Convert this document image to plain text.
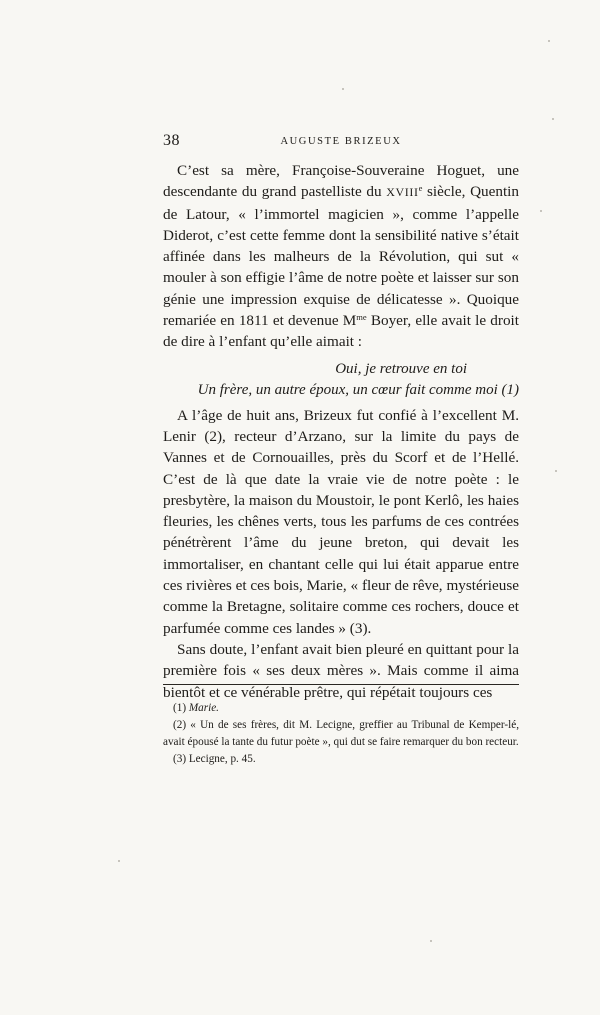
38	AUGUSTE BRIZEUX

C’est sa mère, Françoise-Souveraine Hoguet, une descendante du grand pastelliste du XVIIIe siècle, Quentin de Latour, « l’immortel magicien », comme l’appelle Diderot, c’est cette femme dont la sensibilité native s’était affinée dans les malheurs de la Révolution, qui sut « mouler à son effigie l’âme de notre poète et laisser sur son génie une impression exquise de délicatesse ». Quoique remariée en 1811 et devenue $M^{me}$ Boyer, elle avait le droit de dire à l’enfant qu’elle aimait :

Oui, je retrouve en toi
Un frère, un autre époux, un cœur fait comme moi (1)

A l’âge de huit ans, Brizeux fut confié à l’excellent M. Lenir (2), recteur d’Arzano, sur la limite du pays de Vannes et de Cornouailles, près du Scorf et de l’Hellé. C’est de là que date la vraie vie de notre poète : le presbytère, la maison du Moustoir, le pont Kerlô, les haies fleuries, les chênes verts, tous les parfums de ces contrées pénétrèrent l’âme du jeune breton, qui devait les immortaliser, en chantant celle qui lui était apparue entre ces rivières et ces bois, Marie, « fleur de rêve, mystérieuse comme la Bretagne, solitaire comme ces rochers, douce et parfumée comme ces landes » (3).

Sans doute, l’enfant avait bien pleuré en quittant pour la première fois « ses deux mères ». Mais comme il aima bientôt et ce vénérable prêtre, qui répétait toujours ces

(1) Marie.

(2) « Un de ses frères, dit M. Lecigne, greffier au Tribunal de Kemper-lé, avait épousé la tante du futur poète », qui dut se faire remarquer du bon recteur.

(3) Lecigne, p. 45.
